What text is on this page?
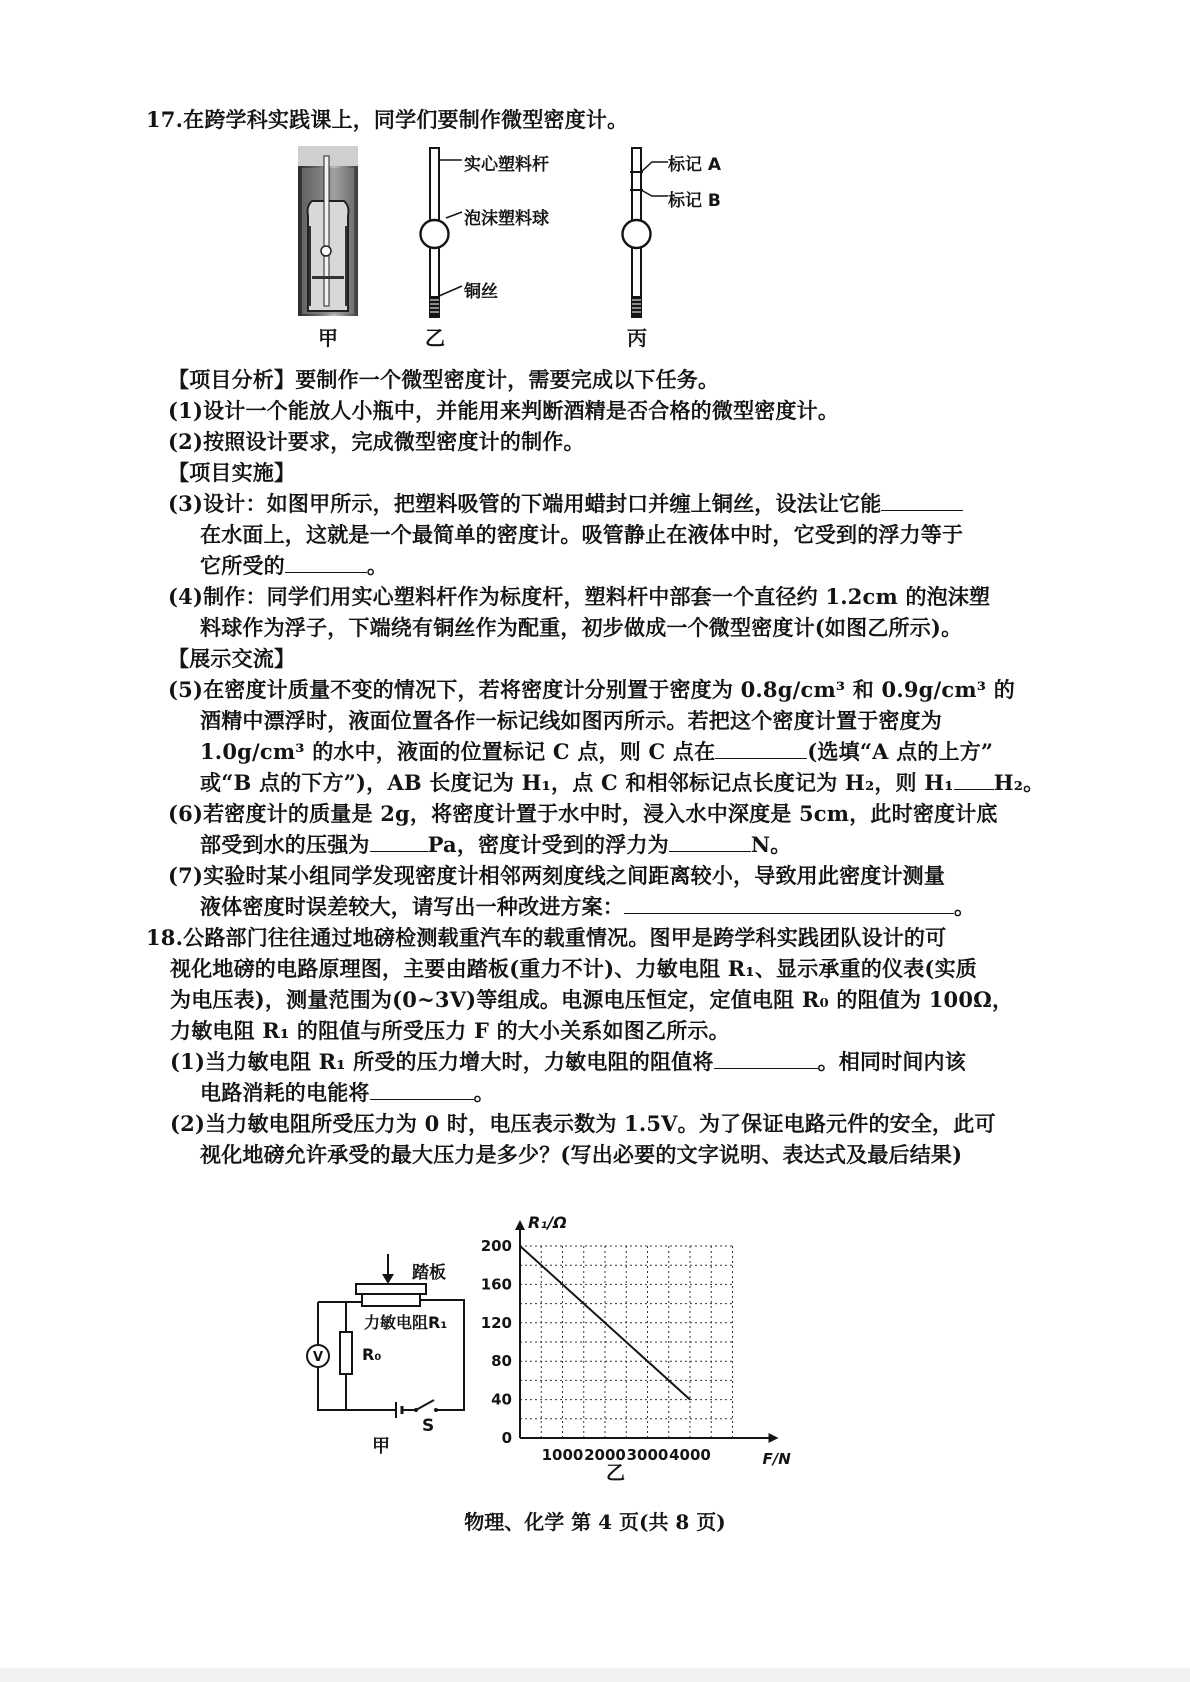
17.在跨学科实践课上，同学们要制作微型密度计。

甲
实心塑料杆
泡沫塑料球
铜丝
乙
标记 A
标记 B
丙

【项目分析】要制作一个微型密度计，需要完成以下任务。

(1)设计一个能放人小瓶中，并能用来判断酒精是否合格的微型密度计。

(2)按照设计要求，完成微型密度计的制作。

【项目实施】

(3)设计：如图甲所示，把塑料吸管的下端用蜡封口并缠上铜丝，设法让它能

在水面上，这就是一个最简单的密度计。吸管静止在液体中时，它受到的浮力等于

它所受的	。

(4)制作：同学们用实心塑料杆作为标度杆，塑料杆中部套一个直径约 1.2cm 的泡沫塑

料球作为浮子，下端绕有铜丝作为配重，初步做成一个微型密度计(如图乙所示)。

【展示交流】

(5)在密度计质量不变的情况下，若将密度计分别置于密度为 0.8g/cm³ 和 0.9g/cm³ 的

酒精中漂浮时，液面位置各作一标记线如图丙所示。若把这个密度计置于密度为

1.0g/cm³ 的水中，液面的位置标记 C 点，则 C 点在	(选填“A 点的上方”

或“B 点的下方”)，AB 长度记为 H₁，点 C 和相邻标记点长度记为 H₂，则 H₁ H₂。

(6)若密度计的质量是 2g，将密度计置于水中时，浸入水中深度是 5cm，此时密度计底

部受到水的压强为	Pa，密度计受到的浮力为	N。

(7)实验时某小组同学发现密度计相邻两刻度线之间距离较小，导致用此密度计测量

液体密度时误差较大，请写出一种改进方案：	。

18.公路部门往往通过地磅检测载重汽车的载重情况。图甲是跨学科实践团队设计的可

视化地磅的电路原理图，主要由踏板(重力不计)、力敏电阻 R₁、显示承重的仪表(实质

为电压表)，测量范围为(0~3V)等组成。电源电压恒定，定值电阻 R₀ 的阻值为 100Ω，

力敏电阻 R₁ 的阻值与所受压力 F 的大小关系如图乙所示。

(1)当力敏电阻 R₁ 所受的压力增大时，力敏电阻的阻值将	。相同时间内该

电路消耗的电能将	。

(2)当力敏电阻所受压力为 0 时，电压表示数为 1.5V。为了保证电路元件的安全，此可

视化地磅允许承受的最大压力是多少？(写出必要的文字说明、表达式及最后结果)

V
踏板
力敏电阻R₁
R₀
S
甲	0
40
80
120
160
200
1000 2000 3000 4000
R₁/Ω
F/N
乙
物理、化学 第 4 页(共 8 页)
